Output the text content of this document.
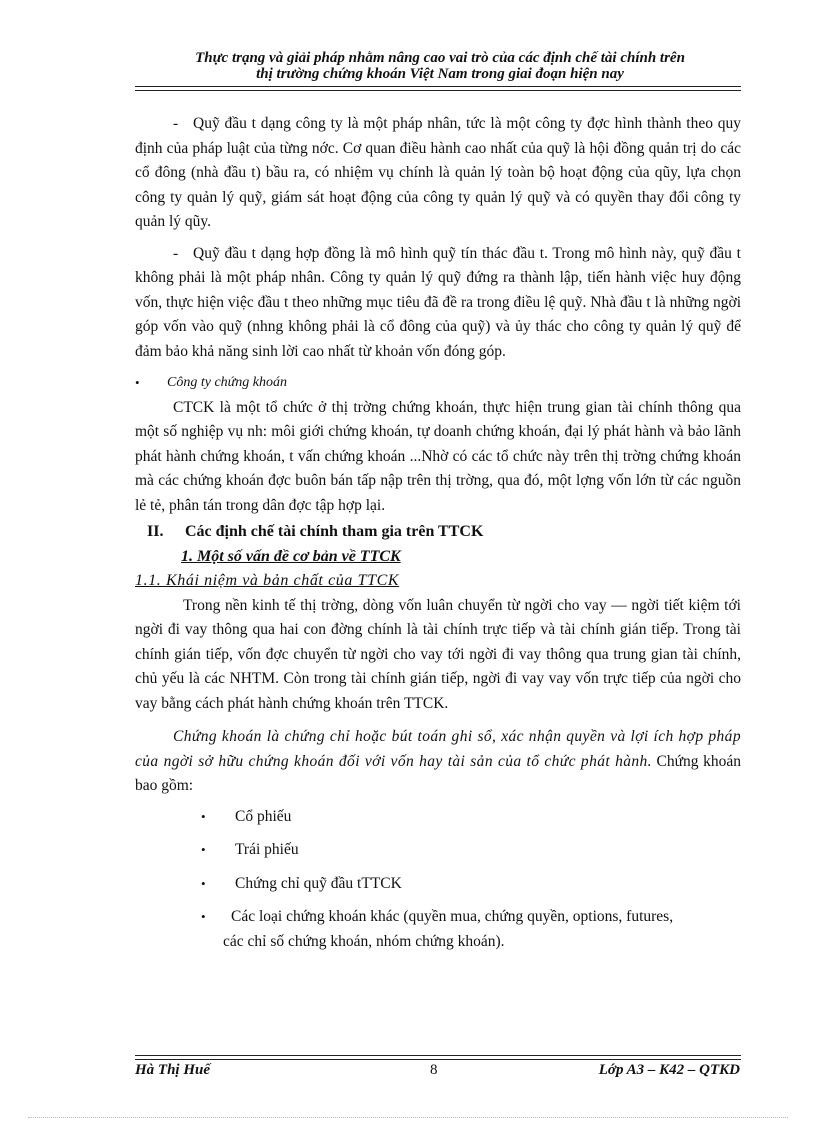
Thực trạng và giải pháp nhằm nâng cao vai trò của các định chế tài chính trên
thị trường chứng khoán Việt Nam trong giai đoạn hiện nay

- Quỹ đầu t dạng công ty là một pháp nhân, tức là một công ty đợc hình thành theo quy định của pháp luật của từng nớc. Cơ quan điều hành cao nhất của quỹ là hội đồng quản trị do các cổ đông (nhà đầu t) bầu ra, có nhiệm vụ chính là quản lý toàn bộ hoạt động của qũy, lựa chọn công ty quản lý quỹ, giám sát hoạt động của công ty quản lý quỹ và có quyền thay đổi công ty quản lý qũy.

- Quỹ đầu t dạng hợp đồng là mô hình quỹ tín thác đầu t. Trong mô hình này, quỹ đầu t không phải là một pháp nhân. Công ty quản lý quỹ đứng ra thành lập, tiến hành việc huy động vốn, thực hiện việc đầu t theo những mục tiêu đã đề ra trong điều lệ quỹ. Nhà đầu t là những ngời góp vốn vào quỹ (nhng không phải là cổ đông của quỹ) và ủy thác cho công ty quản lý quỹ để đảm bảo khả năng sinh lời cao nhất từ khoản vốn đóng góp.

• Công ty chứng khoán

CTCK là một tổ chức ở thị trờng chứng khoán, thực hiện trung gian tài chính thông qua một số nghiệp vụ nh: môi giới chứng khoán, tự doanh chứng khoán, đại lý phát hành và bảo lãnh phát hành chứng khoán, t vấn chứng khoán ...Nhờ có các tổ chức này trên thị trờng chứng khoán mà các chứng khoán đợc buôn bán tấp nập trên thị trờng, qua đó, một lợng vốn lớn từ các nguồn lẻ tẻ, phân tán trong dân đợc tập hợp lại.

II. Các định chế tài chính tham gia trên TTCK
1. Một số vấn đề cơ bản về TTCK
1.1. Khái niệm và bản chất của TTCK

Trong nền kinh tế thị trờng, dòng vốn luân chuyển từ ngời cho vay — ngời tiết kiệm tới ngời đi vay thông qua hai con đờng chính là tài chính trực tiếp và tài chính gián tiếp. Trong tài chính gián tiếp, vốn đợc chuyển từ ngời cho vay tới ngời đi vay thông qua trung gian tài chính, chủ yếu là các NHTM. Còn trong tài chính gián tiếp, ngời đi vay vay vốn trực tiếp của ngời cho vay bằng cách phát hành chứng khoán trên TTCK.

Chứng khoán là chứng chỉ hoặc bút toán ghi sổ, xác nhận quyền và lợi ích hợp pháp của ngời sở hữu chứng khoán đối với vốn hay tài sản của tổ chức phát hành. Chứng khoán bao gồm:

• Cổ phiếu
• Trái phiếu
• Chứng chỉ quỹ đầu tTTCK
• Các loại chứng khoán khác (quyền mua, chứng quyền, options, futures,
các chỉ số chứng khoán, nhóm chứng khoán).
Hà Thị Huế	8	Lớp A3 – K42 – QTKD
